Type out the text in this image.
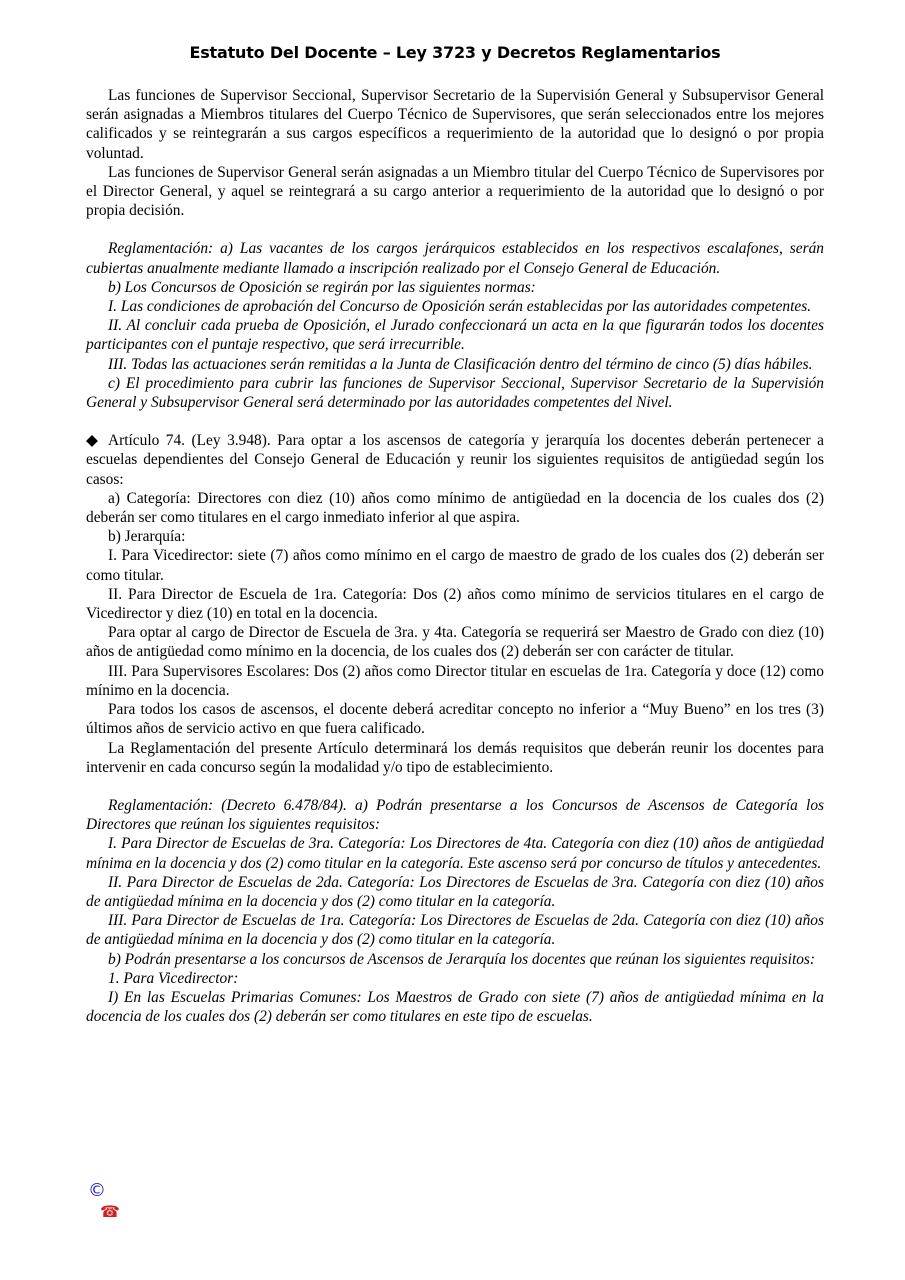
Estatuto Del Docente – Ley 3723 y Decretos Reglamentarios

Las funciones de Supervisor Seccional, Supervisor Secretario de la Supervisión General y Subsupervisor General serán asignadas a Miembros titulares del Cuerpo Técnico de Supervisores, que serán seleccionados entre los mejores calificados y se reintegrarán a sus cargos específicos a requerimiento de la autoridad que lo designó o por propia voluntad.

Las funciones de Supervisor General serán asignadas a un Miembro titular del Cuerpo Técnico de Supervisores por el Director General, y aquel se reintegrará a su cargo anterior a requerimiento de la autoridad que lo designó o por propia decisión.

Reglamentación: a) Las vacantes de los cargos jerárquicos establecidos en los respectivos escalafones, serán cubiertas anualmente mediante llamado a inscripción realizado por el Consejo General de Educación.

b) Los Concursos de Oposición se regirán por las siguientes normas:

I. Las condiciones de aprobación del Concurso de Oposición serán establecidas por las autoridades competentes.

II. Al concluir cada prueba de Oposición, el Jurado confeccionará un acta en la que figurarán todos los docentes participantes con el puntaje respectivo, que será irrecurrible.

III. Todas las actuaciones serán remitidas a la Junta de Clasificación dentro del término de cinco (5) días hábiles.

c) El procedimiento para cubrir las funciones de Supervisor Seccional, Supervisor Secretario de la Supervisión General y Subsupervisor General será determinado por las autoridades competentes del Nivel.

◆ Artículo 74. (Ley 3.948). Para optar a los ascensos de categoría y jerarquía los docentes deberán pertenecer a escuelas dependientes del Consejo General de Educación y reunir los siguientes requisitos de antigüedad según los casos:

a) Categoría: Directores con diez (10) años como mínimo de antigüedad en la docencia de los cuales dos (2) deberán ser como titulares en el cargo inmediato inferior al que aspira.

b) Jerarquía:

I. Para Vicedirector: siete (7) años como mínimo en el cargo de maestro de grado de los cuales dos (2) deberán ser como titular.

II. Para Director de Escuela de 1ra. Categoría: Dos (2) años como mínimo de servicios titulares en el cargo de Vicedirector y diez (10) en total en la docencia.

Para optar al cargo de Director de Escuela de 3ra. y 4ta. Categoría se requerirá ser Maestro de Grado con diez (10) años de antigüedad como mínimo en la docencia, de los cuales dos (2) deberán ser con carácter de titular.

III. Para Supervisores Escolares: Dos (2) años como Director titular en escuelas de 1ra. Categoría y doce (12) como mínimo en la docencia.

Para todos los casos de ascensos, el docente deberá acreditar concepto no inferior a “Muy Bueno” en los tres (3) últimos años de servicio activo en que fuera calificado.

La Reglamentación del presente Artículo determinará los demás requisitos que deberán reunir los docentes para intervenir en cada concurso según la modalidad y/o tipo de establecimiento.

Reglamentación: (Decreto 6.478/84). a) Podrán presentarse a los Concursos de Ascensos de Categoría los Directores que reúnan los siguientes requisitos:

I. Para Director de Escuelas de 3ra. Categoría: Los Directores de 4ta. Categoría con diez (10) años de antigüedad mínima en la docencia y dos (2) como titular en la categoría. Este ascenso será por concurso de títulos y antecedentes.

II. Para Director de Escuelas de 2da. Categoría: Los Directores de Escuelas de 3ra. Categoría con diez (10) años de antigüedad mínima en la docencia y dos (2) como titular en la categoría.

III. Para Director de Escuelas de 1ra. Categoría: Los Directores de Escuelas de 2da. Categoría con diez (10) años de antigüedad mínima en la docencia y dos (2) como titular en la categoría.

b) Podrán presentarse a los concursos de Ascensos de Jerarquía los docentes que reúnan los siguientes requisitos:

1. Para Vicedirector:

I) En las Escuelas Primarias Comunes: Los Maestros de Grado con siete (7) años de antigüedad mínima en la docencia de los cuales dos (2) deberán ser como titulares en este tipo de escuelas.

©
☎
